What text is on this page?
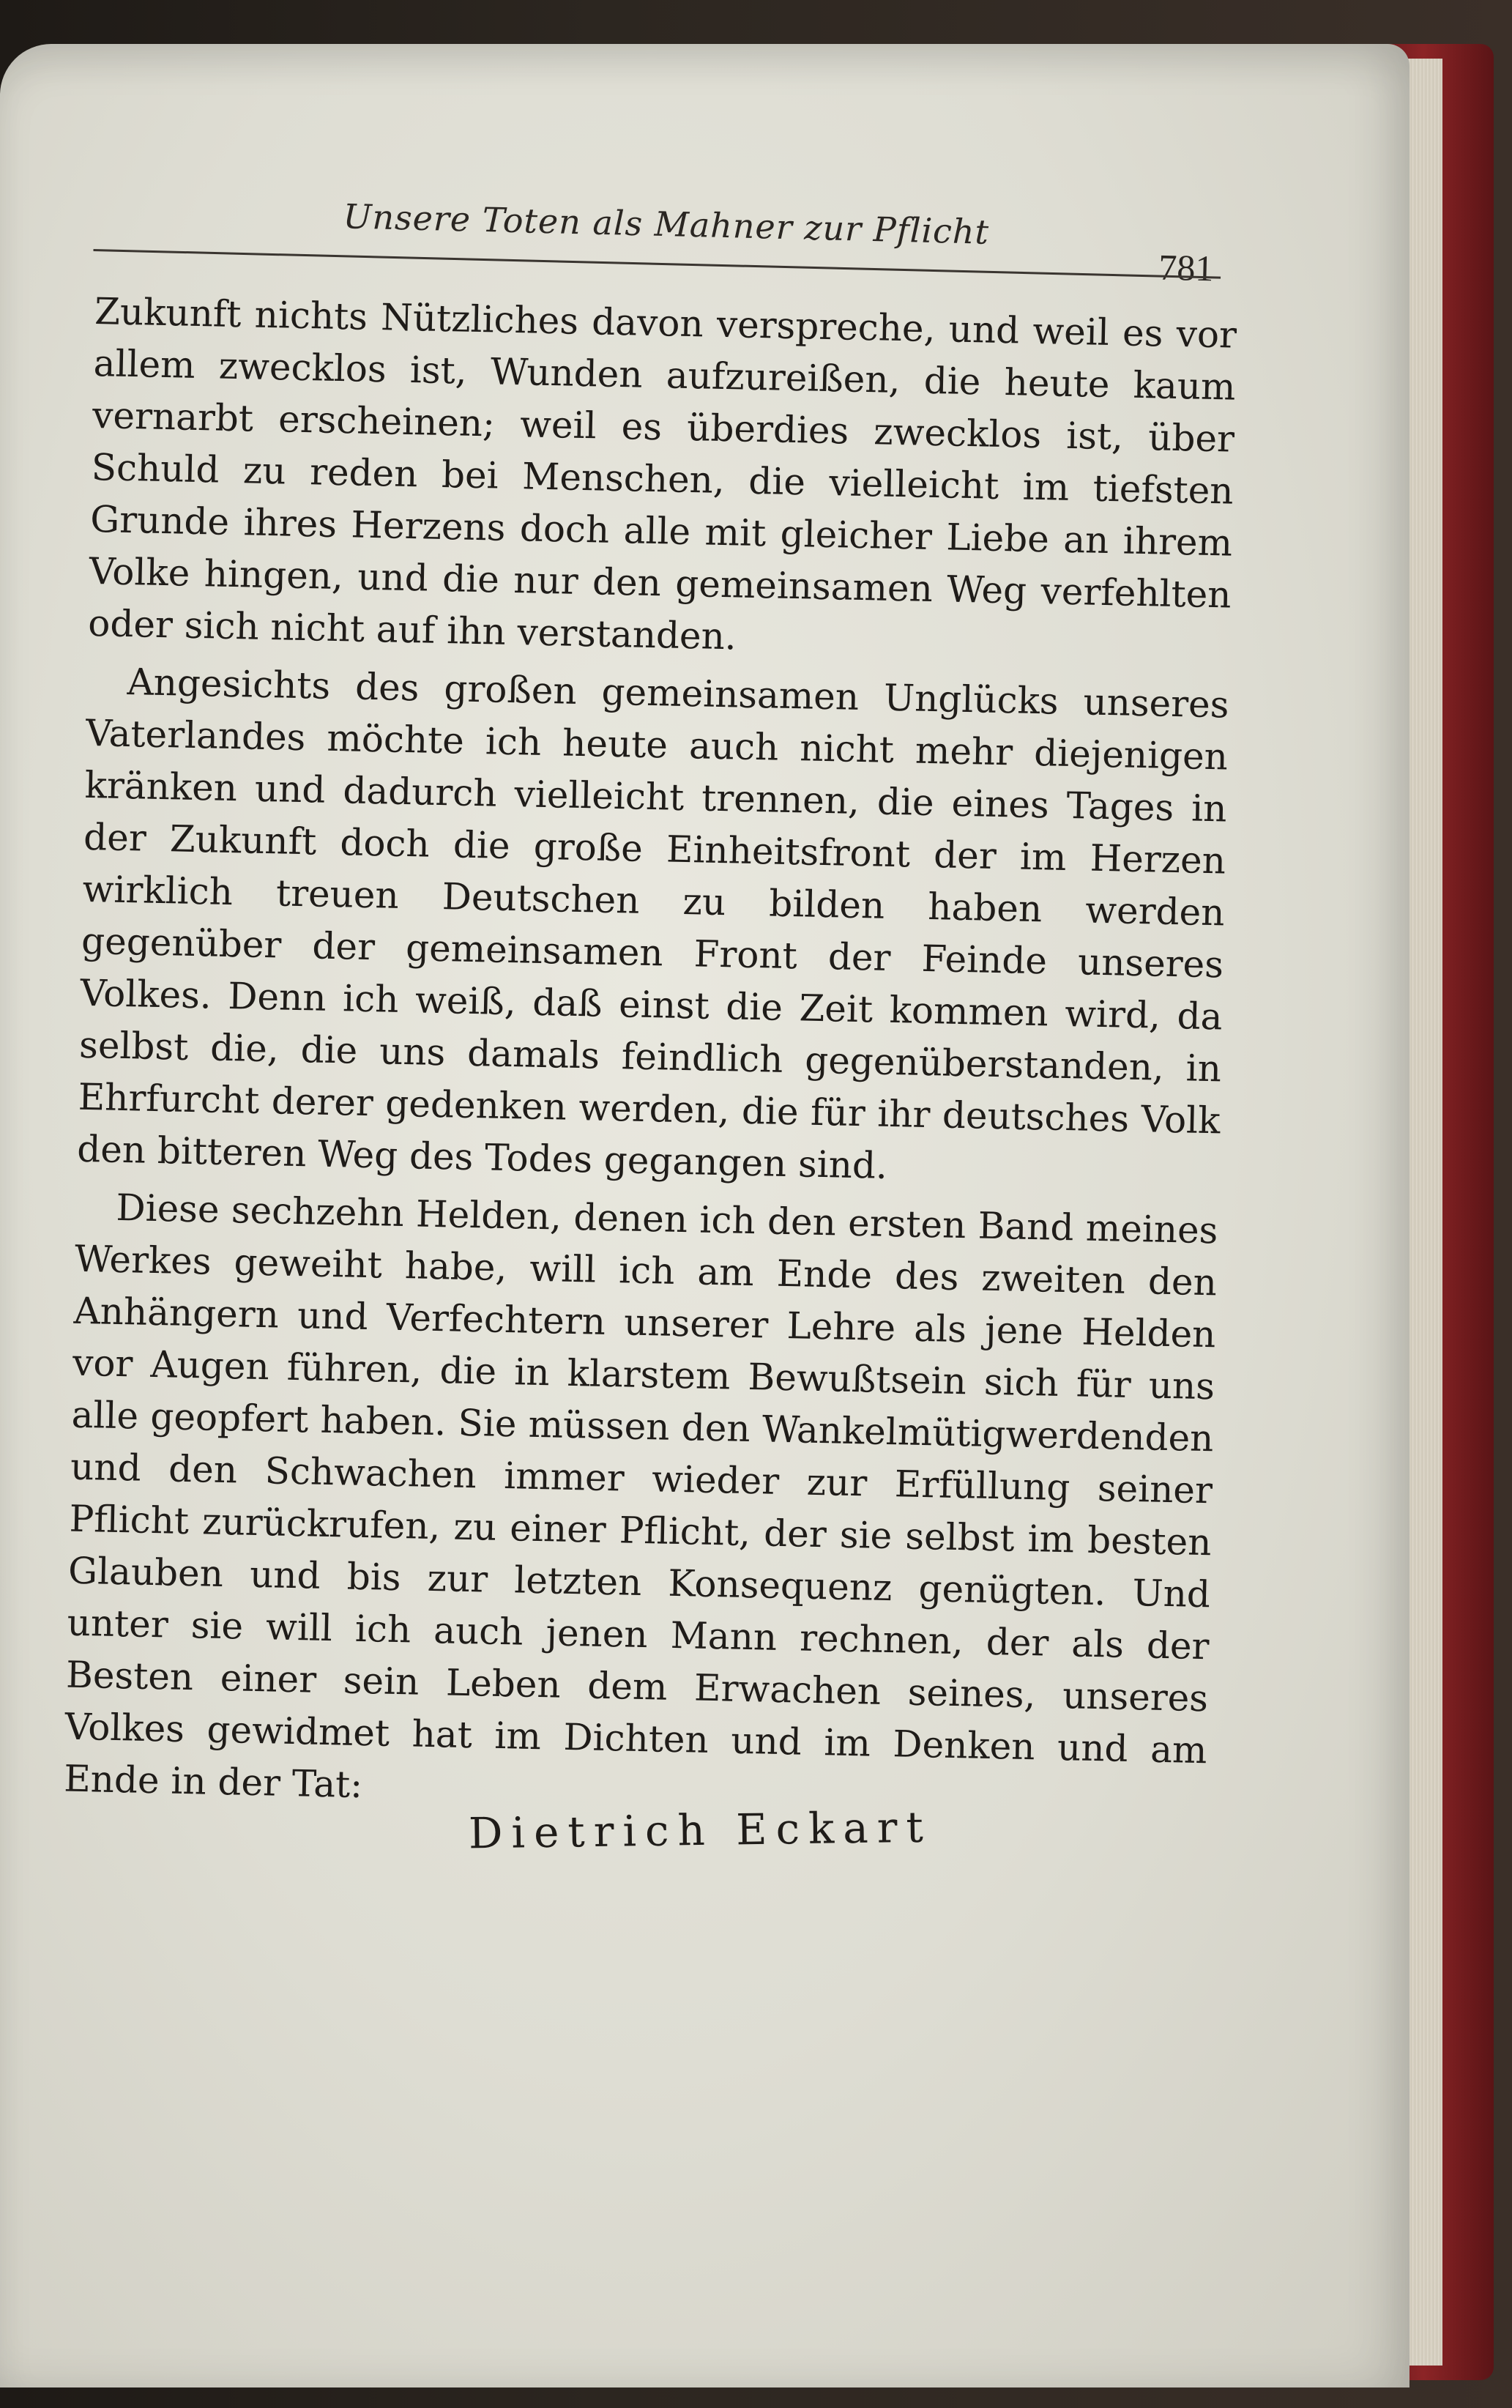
Unsere Toten als Mahner zur Pflicht
781

Zukunft nichts Nützliches davon verspreche, und weil es vor allem zwecklos ist, Wunden aufzureißen, die heute kaum vernarbt erscheinen; weil es überdies zwecklos ist, über Schuld zu reden bei Menschen, die vielleicht im tiefsten Grunde ihres Herzens doch alle mit gleicher Liebe an ihrem Volke hingen, und die nur den gemeinsamen Weg verfehlten oder sich nicht auf ihn verstanden.

Angesichts des großen gemeinsamen Unglücks unseres Vaterlandes möchte ich heute auch nicht mehr diejenigen kränken und dadurch vielleicht trennen, die eines Tages in der Zukunft doch die große Einheitsfront der im Herzen wirklich treuen Deutschen zu bilden haben werden gegenüber der gemeinsamen Front der Feinde unseres Volkes. Denn ich weiß, daß einst die Zeit kommen wird, da selbst die, die uns damals feindlich gegenüberstanden, in Ehrfurcht derer gedenken werden, die für ihr deutsches Volk den bitteren Weg des Todes gegangen sind.

Diese sechzehn Helden, denen ich den ersten Band meines Werkes geweiht habe, will ich am Ende des zweiten den Anhängern und Verfechtern unserer Lehre als jene Helden vor Augen führen, die in klarstem Bewußtsein sich für uns alle geopfert haben. Sie müssen den Wankelmütigwerdenden und den Schwachen immer wieder zur Erfüllung seiner Pflicht zurückrufen, zu einer Pflicht, der sie selbst im besten Glauben und bis zur letzten Konsequenz genügten. Und unter sie will ich auch jenen Mann rechnen, der als der Besten einer sein Leben dem Erwachen seines, unseres Volkes gewidmet hat im Dichten und im Denken und am Ende in der Tat:

Dietrich Eckart
